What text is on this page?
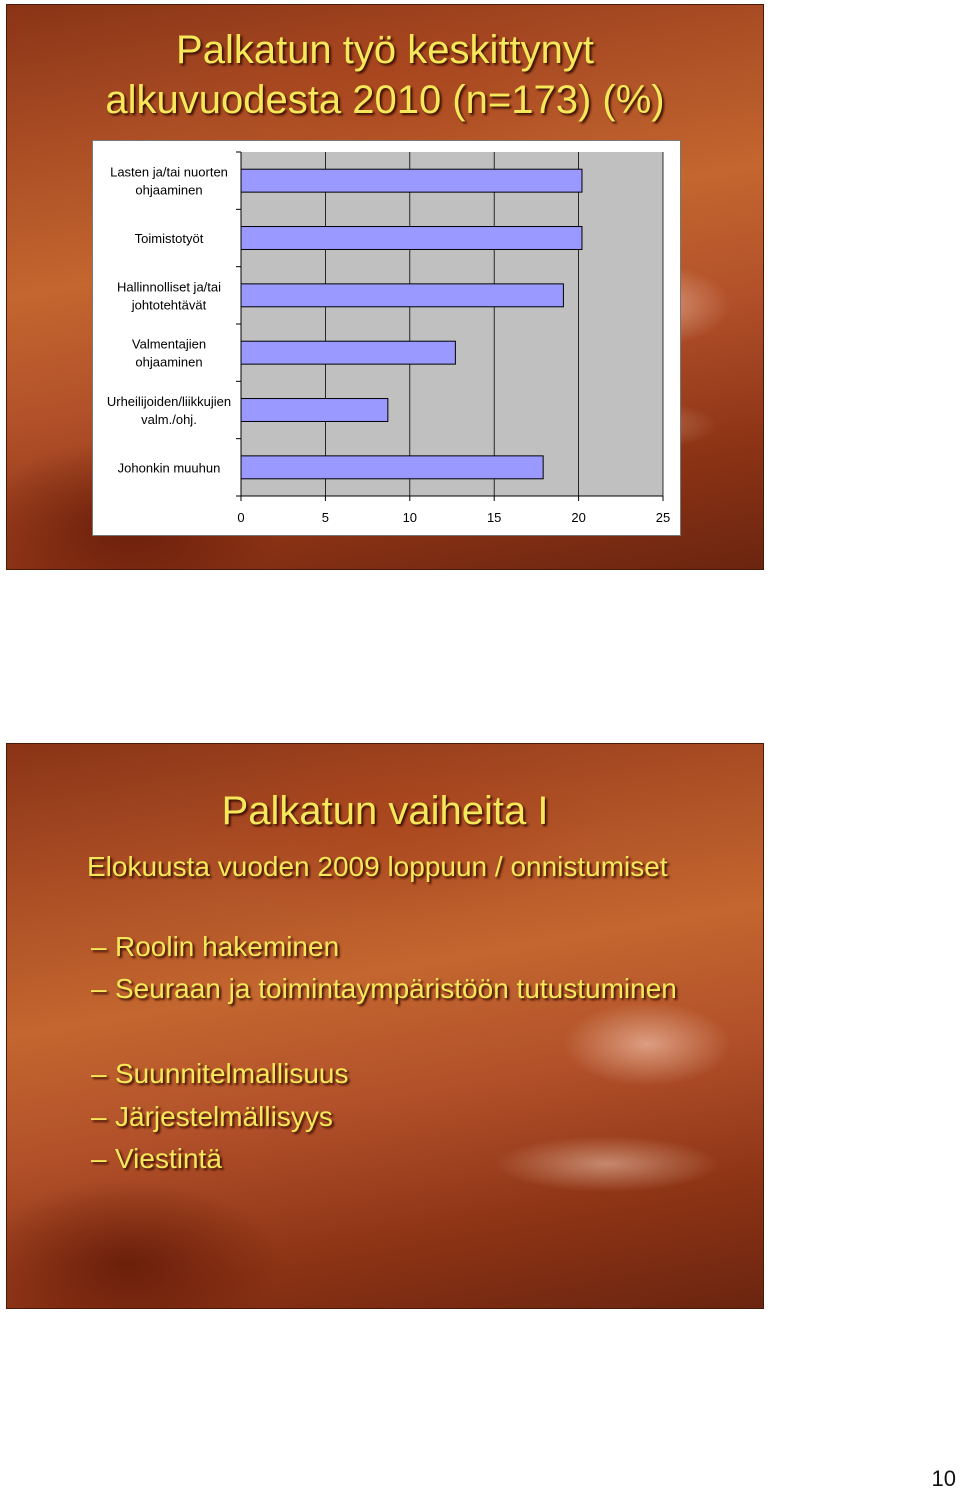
Palkatun työ keskittynyt
alkuvuodesta 2010 (n=173) (%)
0	5	10	15	20	25
Lasten ja/tai nuorten ohjaaminen
Toimistotyöt
Hallinnolliset ja/tai johtotehtävät
Valmentajien ohjaaminen
Urheilijoiden/liikkujien valm./ohj.
Johonkin muuhun
Palkatun vaiheita I
Elokuusta vuoden 2009 loppuun / onnistumiset
– Roolin hakeminen
– Seuraan ja toimintaympäristöön tutustuminen
– Suunnitelmallisuus
– Järjestelmällisyys
– Viestintä
10
